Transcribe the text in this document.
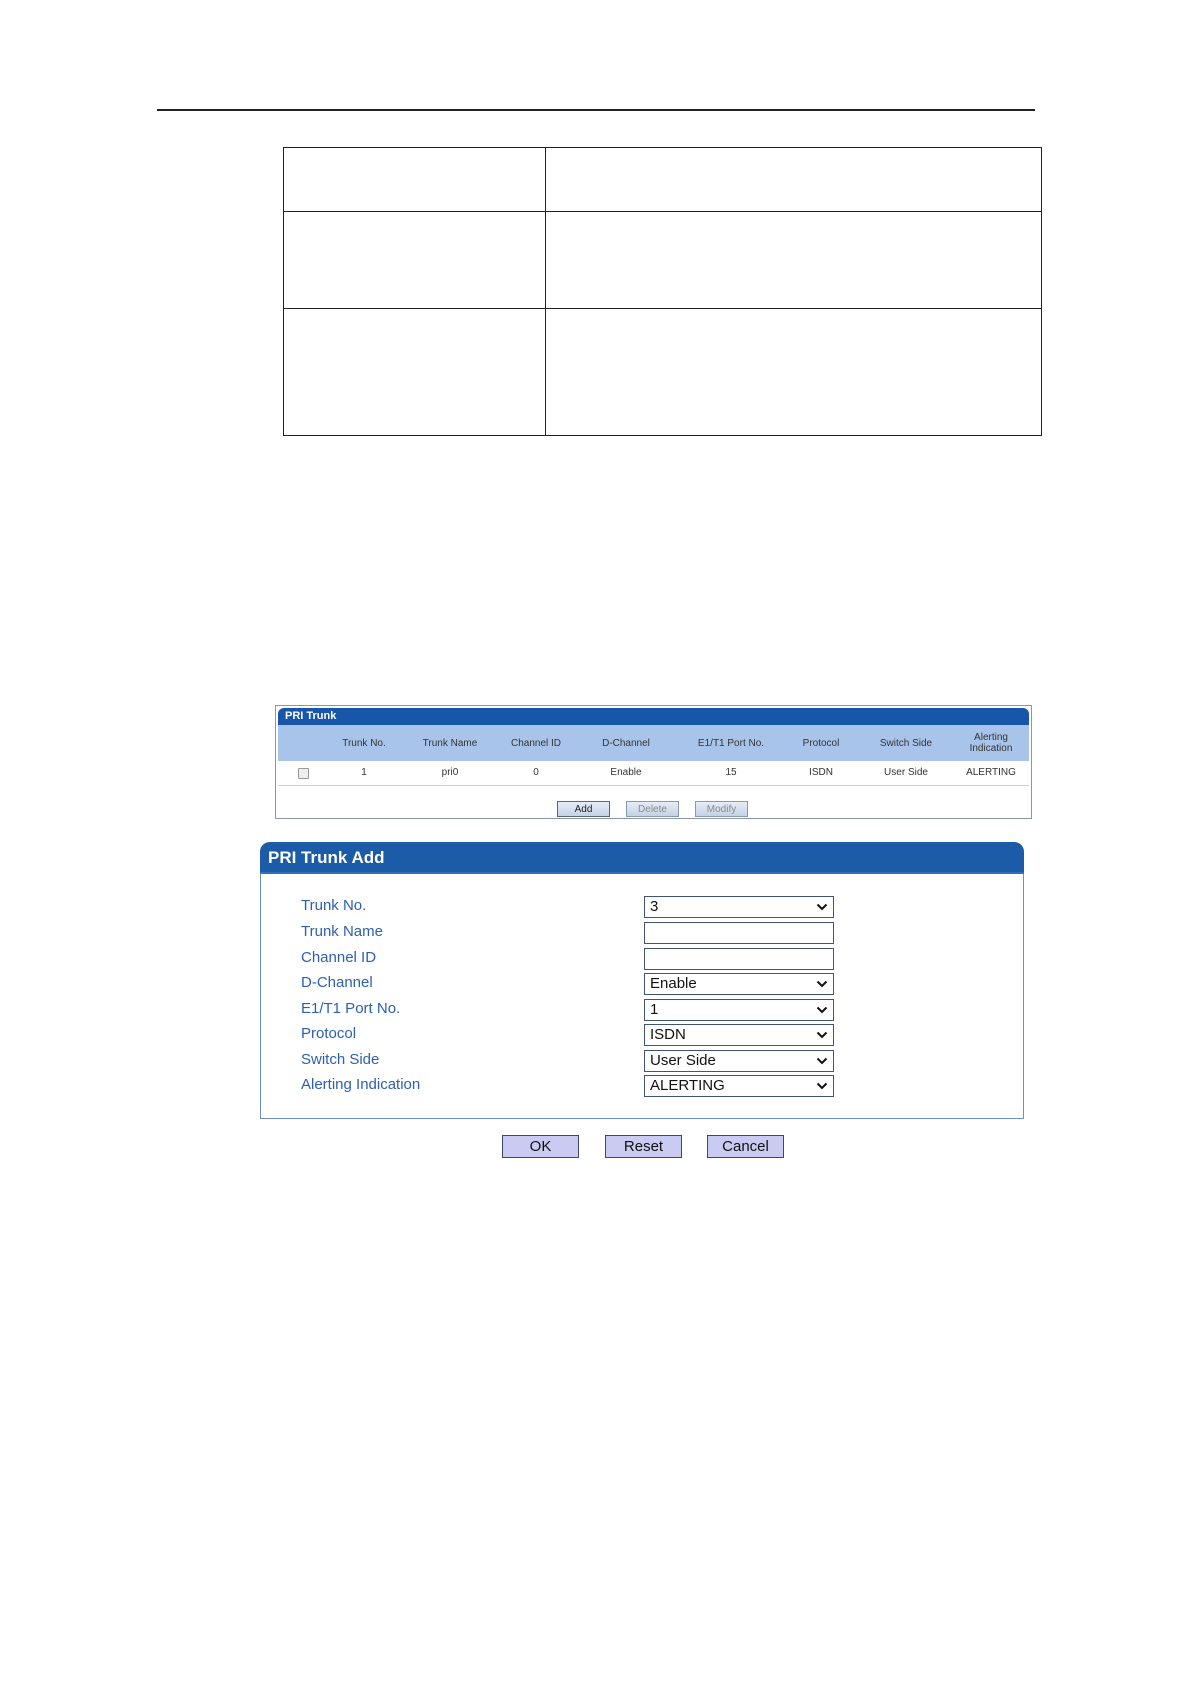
PRI Trunk
Trunk No.	Trunk Name	Channel ID	D-Channel	E1/T1 Port No.	Protocol	Switch Side	Alerting Indication
1	pri0	0	Enable	15	ISDN	User Side	ALERTING
Add	Delete	Modify
PRI Trunk Add
Trunk No.	3
Trunk Name
Channel ID
D-Channel	Enable
E1/T1 Port No.	1
Protocol	ISDN
Switch Side	User Side
Alerting Indication	ALERTING
OK	Reset	Cancel
